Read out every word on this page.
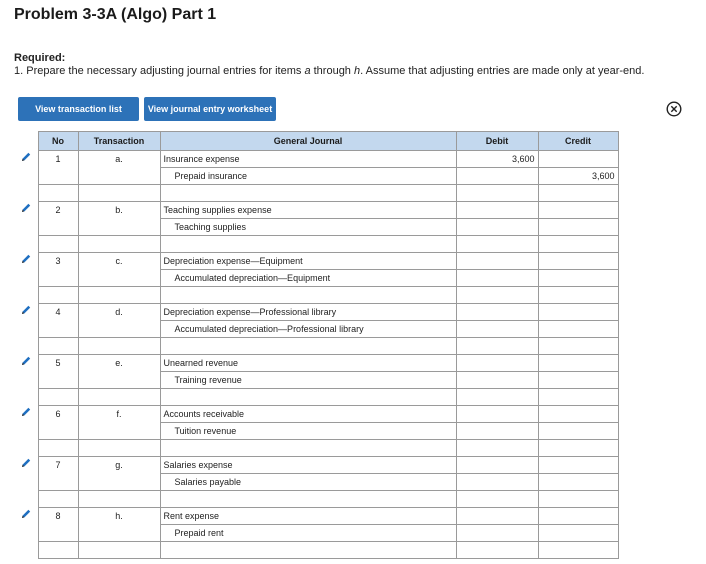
Problem 3-3A (Algo) Part 1
Required:
1. Prepare the necessary adjusting journal entries for items a through h. Assume that adjusting entries are made only at year-end.
View transaction list	View journal entry worksheet
	No	Transaction	General Journal	Debit	Credit
	1	a.	Insurance expense	3,600	
			Prepaid insurance		3,600

	2	b.	Teaching supplies expense		
			Teaching supplies		

	3	c.	Depreciation expense—Equipment		
			Accumulated depreciation—Equipment		

	4	d.	Depreciation expense—Professional library		
			Accumulated depreciation—Professional library		

	5	e.	Unearned revenue		
			Training revenue		

	6	f.	Accounts receivable		
			Tuition revenue		

	7	g.	Salaries expense		
			Salaries payable		

	8	h.	Rent expense		
			Prepaid rent		
